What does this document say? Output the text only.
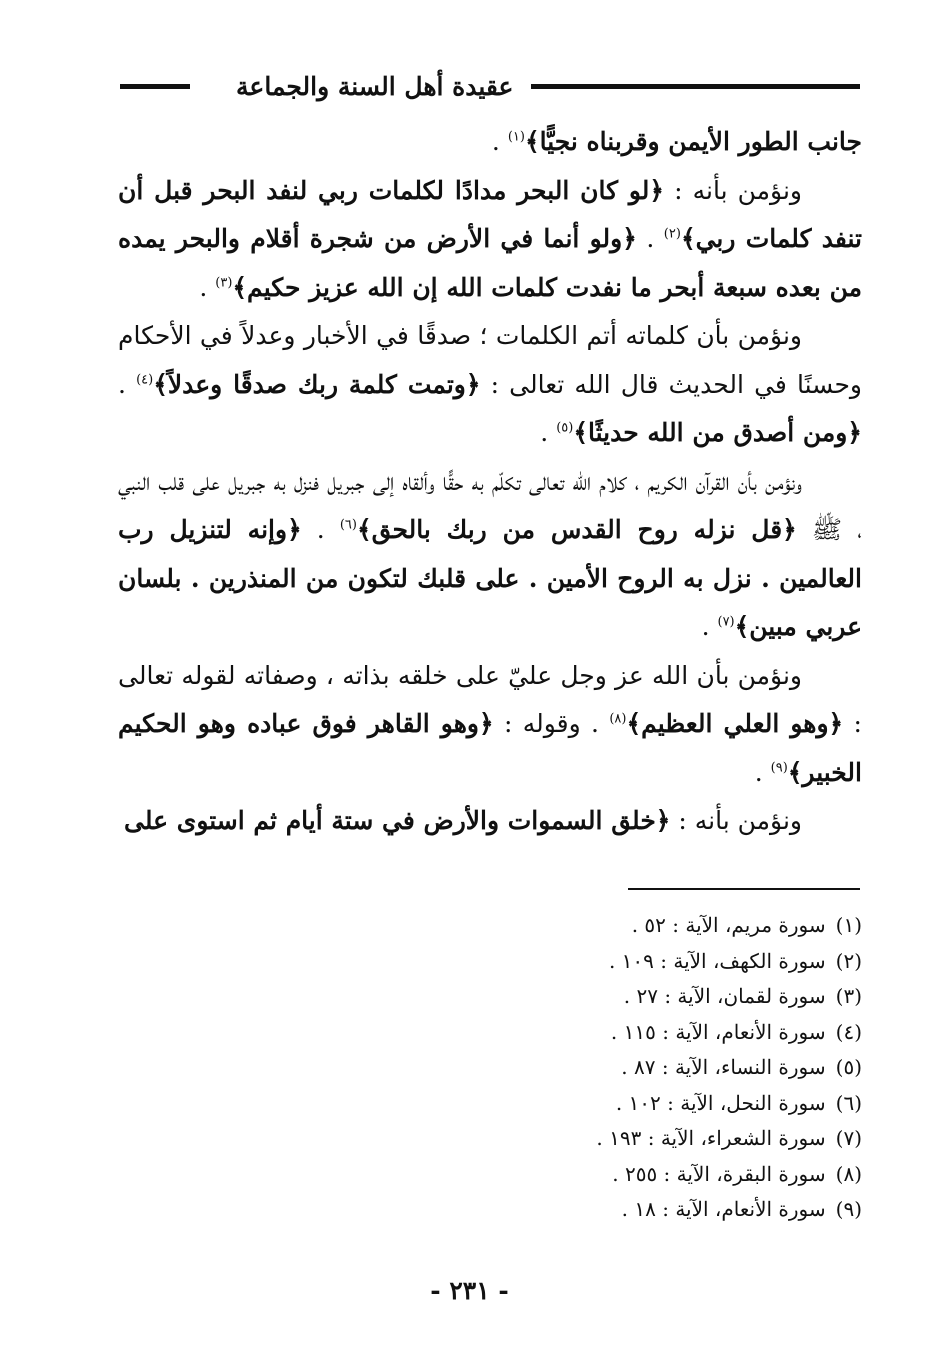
عقيدة أهل السنة والجماعة

جانب الطور الأيمن وقربناه نجيًّا﴾$^{(١)}$ .

ونؤمن بأنه : ﴿لو كان البحر مدادًا لكلمات ربي لنفد البحر قبل أن تنفد كلمات ربي﴾$^{(٢)}$ . ﴿ولو أنما في الأرض من شجرة أقلام والبحر يمده من بعده سبعة أبحر ما نفدت كلمات الله إن الله عزيز حكيم﴾$^{(٣)}$ .

ونؤمن بأن كلماته أتم الكلمات ؛ صدقًا في الأخبار وعدلاً في الأحكام وحسنًا في الحديث قال الله تعالى : ﴿وتمت كلمة ربك صدقًا وعدلاً﴾$^{(٤)}$ . ﴿ومن أصدق من الله حديثًا﴾$^{(٥)}$ .

ونؤمن بأن القرآن الكريم ، كلام الله تعالى تكلّم به حقًّا وألقاه إلى جبريل فنزل به جبريل على قلب النبي ، ﷺ ﴿قل نزله روح القدس من ربك بالحق﴾$^{(٦)}$ . ﴿وإنه لتنزيل رب العالمين . نزل به الروح الأمين . على قلبك لتكون من المنذرين . بلسان عربي مبين﴾$^{(٧)}$ .

ونؤمن بأن الله عز وجل عليّ على خلقه بذاته ، وصفاته لقوله تعالى : ﴿وهو العلي العظيم﴾$^{(٨)}$ . وقوله : ﴿وهو القاهر فوق عباده وهو الحكيم الخبير﴾$^{(٩)}$ .

ونؤمن بأنه : ﴿خلق السموات والأرض في ستة أيام ثم استوى على

(١)سورة مريم، الآية : ٥٢ .
(٢)سورة الكهف، الآية : ١٠٩ .
(٣)سورة لقمان، الآية : ٢٧ .
(٤)سورة الأنعام، الآية : ١١٥ .
(٥)سورة النساء، الآية : ٨٧ .
(٦)سورة النحل، الآية : ١٠٢ .
(٧)سورة الشعراء، الآية : ١٩٣ .
(٨)سورة البقرة، الآية : ٢٥٥ .
(٩)سورة الأنعام، الآية : ١٨ .
- ٢٣١ -
